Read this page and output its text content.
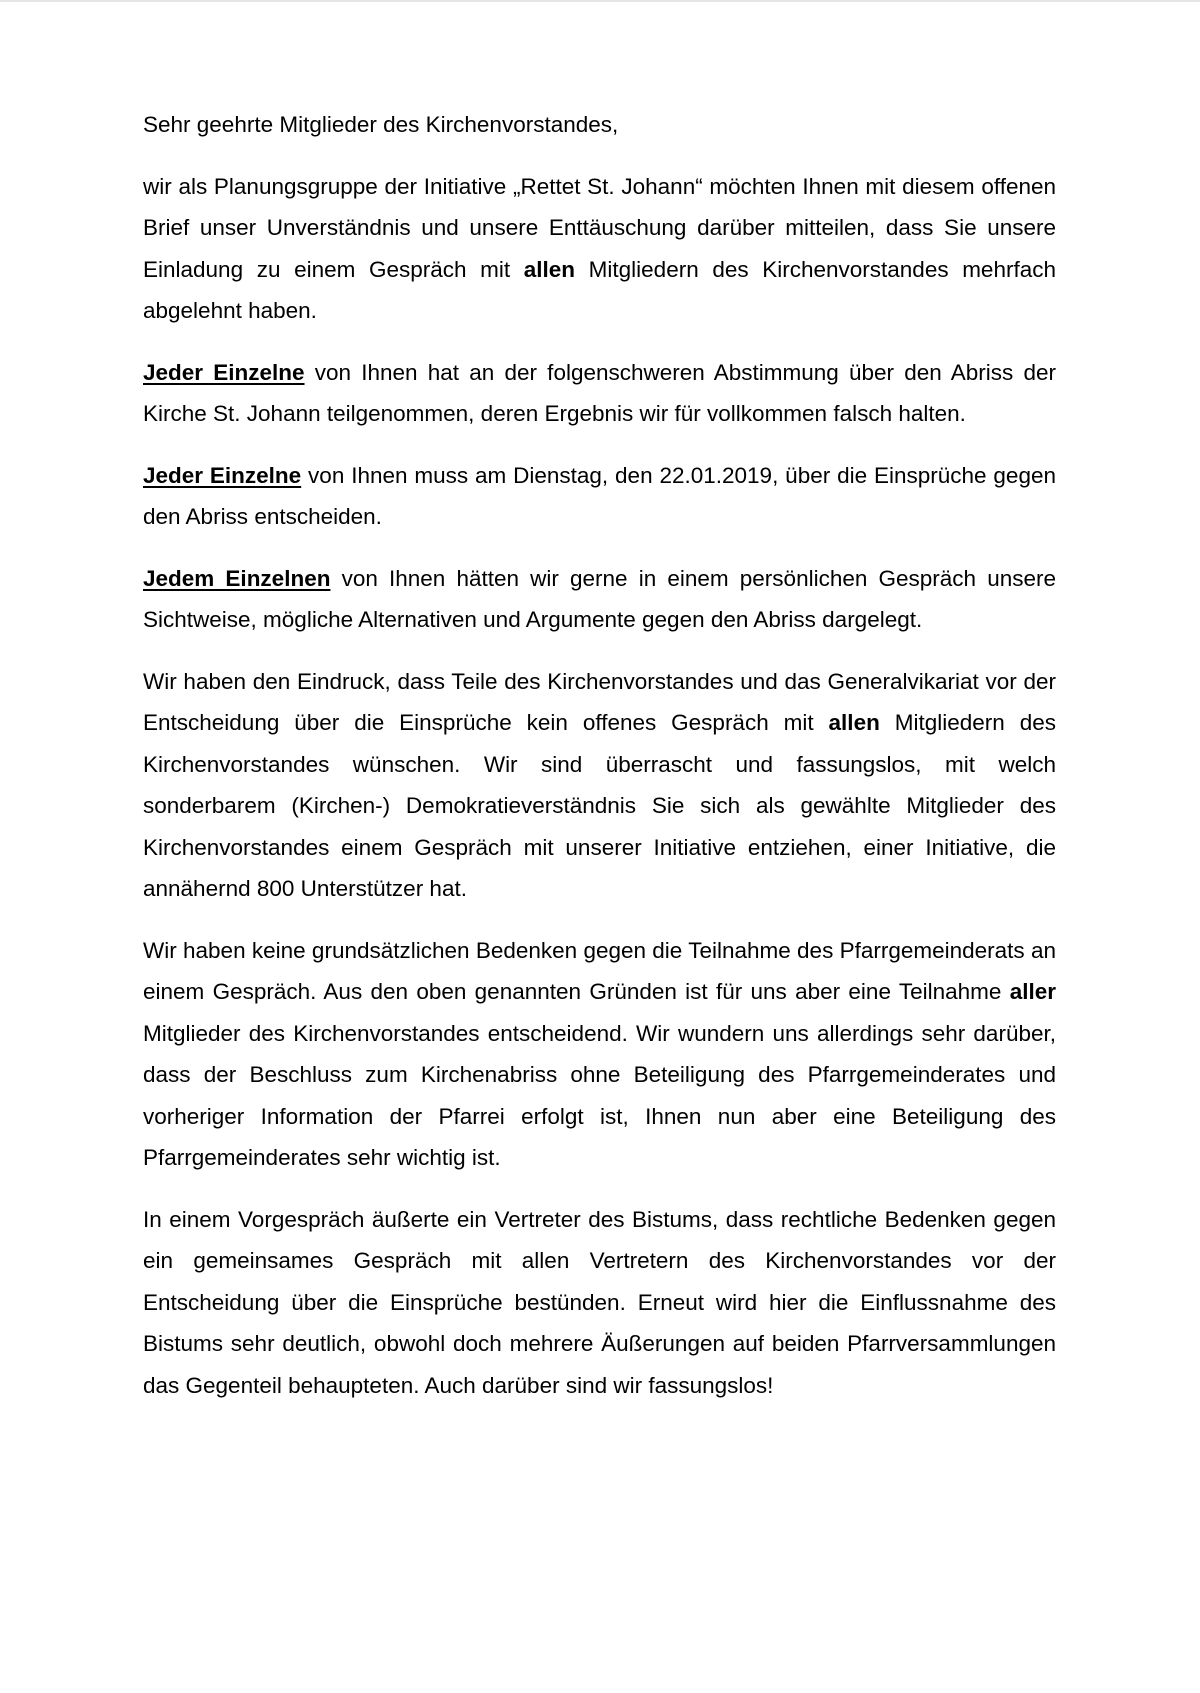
Sehr geehrte Mitglieder des Kirchenvorstandes,

wir als Planungsgruppe der Initiative „Rettet St. Johann“ möchten Ihnen mit diesem offenen Brief unser Unverständnis und unsere Enttäuschung darüber mitteilen, dass Sie unsere Einladung zu einem Gespräch mit allen Mitgliedern des Kirchenvorstandes mehrfach abgelehnt haben.

Jeder Einzelne von Ihnen hat an der folgenschweren Abstimmung über den Abriss der Kirche St. Johann teilgenommen, deren Ergebnis wir für vollkommen falsch halten.

Jeder Einzelne von Ihnen muss am Dienstag, den 22.01.2019, über die Einsprüche gegen den Abriss entscheiden.

Jedem Einzelnen von Ihnen hätten wir gerne in einem persönlichen Gespräch unsere Sichtweise, mögliche Alternativen und Argumente gegen den Abriss dargelegt.

Wir haben den Eindruck, dass Teile des Kirchenvorstandes und das Generalvikariat vor der Entscheidung über die Einsprüche kein offenes Gespräch mit allen Mitgliedern des Kirchenvorstandes wünschen. Wir sind überrascht und fassungslos, mit welch sonderbarem (Kirchen-) Demokratieverständnis Sie sich als gewählte Mitglieder des Kirchenvorstandes einem Gespräch mit unserer Initiative entziehen, einer Initiative, die annähernd 800 Unterstützer hat.

Wir haben keine grundsätzlichen Bedenken gegen die Teilnahme des Pfarrgemeinderats an einem Gespräch. Aus den oben genannten Gründen ist für uns aber eine Teilnahme aller Mitglieder des Kirchenvorstandes entscheidend. Wir wundern uns allerdings sehr darüber, dass der Beschluss zum Kirchenabriss ohne Beteiligung des Pfarrgemeinderates und vorheriger Information der Pfarrei erfolgt ist, Ihnen nun aber eine Beteiligung des Pfarrgemeinderates sehr wichtig ist.

In einem Vorgespräch äußerte ein Vertreter des Bistums, dass rechtliche Bedenken gegen ein gemeinsames Gespräch mit allen Vertretern des Kirchenvorstandes vor der Entscheidung über die Einsprüche bestünden. Erneut wird hier die Einflussnahme des Bistums sehr deutlich, obwohl doch mehrere Äußerungen auf beiden Pfarrversammlungen das Gegenteil behaupteten. Auch darüber sind wir fassungslos!
